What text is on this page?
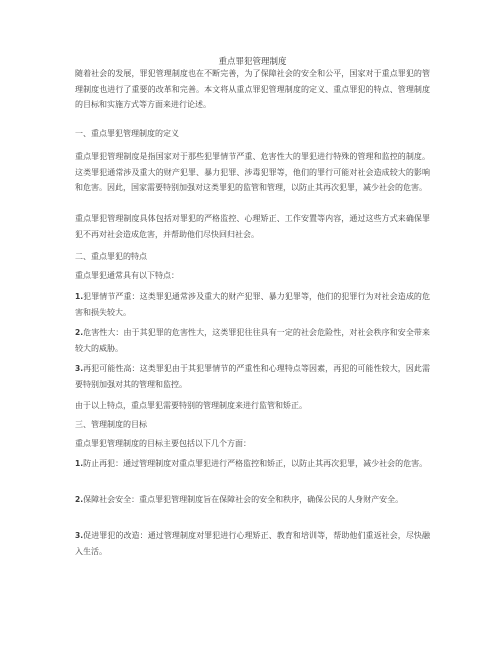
重点罪犯管理制度

随着社会的发展，罪犯管理制度也在不断完善，为了保障社会的安全和公平，国家对于重点罪犯的管理制度也进行了重要的改革和完善。本文将从重点罪犯管理制度的定义、重点罪犯的特点、管理制度的目标和实施方式等方面来进行论述。

一、重点罪犯管理制度的定义

重点罪犯管理制度是指国家对于那些犯罪情节严重、危害性大的罪犯进行特殊的管理和监控的制度。这类罪犯通常涉及重大的财产犯罪、暴力犯罪、涉毒犯罪等，他们的罪行可能对社会造成较大的影响和危害。因此，国家需要特别加强对这类罪犯的监管和管理，以防止其再次犯罪，减少社会的危害。

重点罪犯管理制度具体包括对罪犯的严格监控、心理矫正、工作安置等内容，通过这些方式来确保罪犯不再对社会造成危害，并帮助他们尽快回归社会。

二、重点罪犯的特点

重点罪犯通常具有以下特点：

1.犯罪情节严重：这类罪犯通常涉及重大的财产犯罪、暴力犯罪等，他们的犯罪行为对社会造成的危害和损失较大。

2.危害性大：由于其犯罪的危害性大，这类罪犯往往具有一定的社会危险性，对社会秩序和安全带来较大的威胁。

3.再犯可能性高：这类罪犯由于其犯罪情节的严重性和心理特点等因素，再犯的可能性较大，因此需要特别加强对其的管理和监控。

由于以上特点，重点罪犯需要特别的管理制度来进行监管和矫正。

三、管理制度的目标

重点罪犯管理制度的目标主要包括以下几个方面：

1.防止再犯：通过管理制度对重点罪犯进行严格监控和矫正，以防止其再次犯罪，减少社会的危害。

2.保障社会安全：重点罪犯管理制度旨在保障社会的安全和秩序，确保公民的人身财产安全。

3.促进罪犯的改造：通过管理制度对罪犯进行心理矫正、教育和培训等，帮助他们重返社会，尽快融入生活。
